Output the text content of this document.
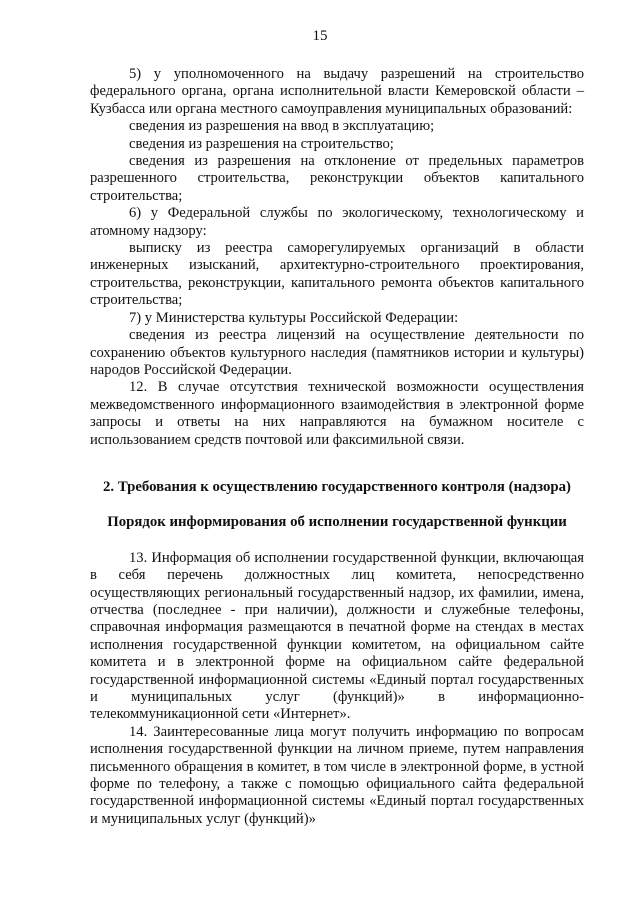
15

5) у уполномоченного на выдачу разрешений на строительство федерального органа, органа исполнительной власти Кемеровской области – Кузбасса или органа местного самоуправления муниципальных образований:

сведения из разрешения на ввод в эксплуатацию;

сведения из разрешения на строительство;

сведения из разрешения на отклонение от предельных параметров разрешенного строительства, реконструкции объектов капитального строительства;

6) у Федеральной службы по экологическому, технологическому и атомному надзору:

выписку из реестра саморегулируемых организаций в области инженерных изысканий, архитектурно-строительного проектирования, строительства, реконструкции, капитального ремонта объектов капитального строительства;

7) у Министерства культуры Российской Федерации:

сведения из реестра лицензий на осуществление деятельности по сохранению объектов культурного наследия (памятников истории и культуры) народов Российской Федерации.

12. В случае отсутствия технической возможности осуществления межведомственного информационного взаимодействия в электронной форме запросы и ответы на них направляются на бумажном носителе с использованием средств почтовой или факсимильной связи.

2. Требования к осуществлению государственного контроля (надзора)

Порядок информирования об исполнении государственной функции

13. Информация об исполнении государственной функции, включающая в себя перечень должностных лиц комитета, непосредственно осуществляющих региональный государственный надзор, их фамилии, имена, отчества (последнее - при наличии), должности и служебные телефоны, справочная информация размещаются в печатной форме на стендах в местах исполнения государственной функции комитетом, на официальном сайте комитета и в электронной форме на официальном сайте федеральной государственной информационной системы «Единый портал государственных и муниципальных услуг (функций)» в информационно-телекоммуникационной сети «Интернет».

14. Заинтересованные лица могут получить информацию по вопросам исполнения государственной функции на личном приеме, путем направления письменного обращения в комитет, в том числе в электронной форме, в устной форме по телефону, а также с помощью официального сайта федеральной государственной информационной системы «Единый портал государственных и муниципальных услуг (функций)»
